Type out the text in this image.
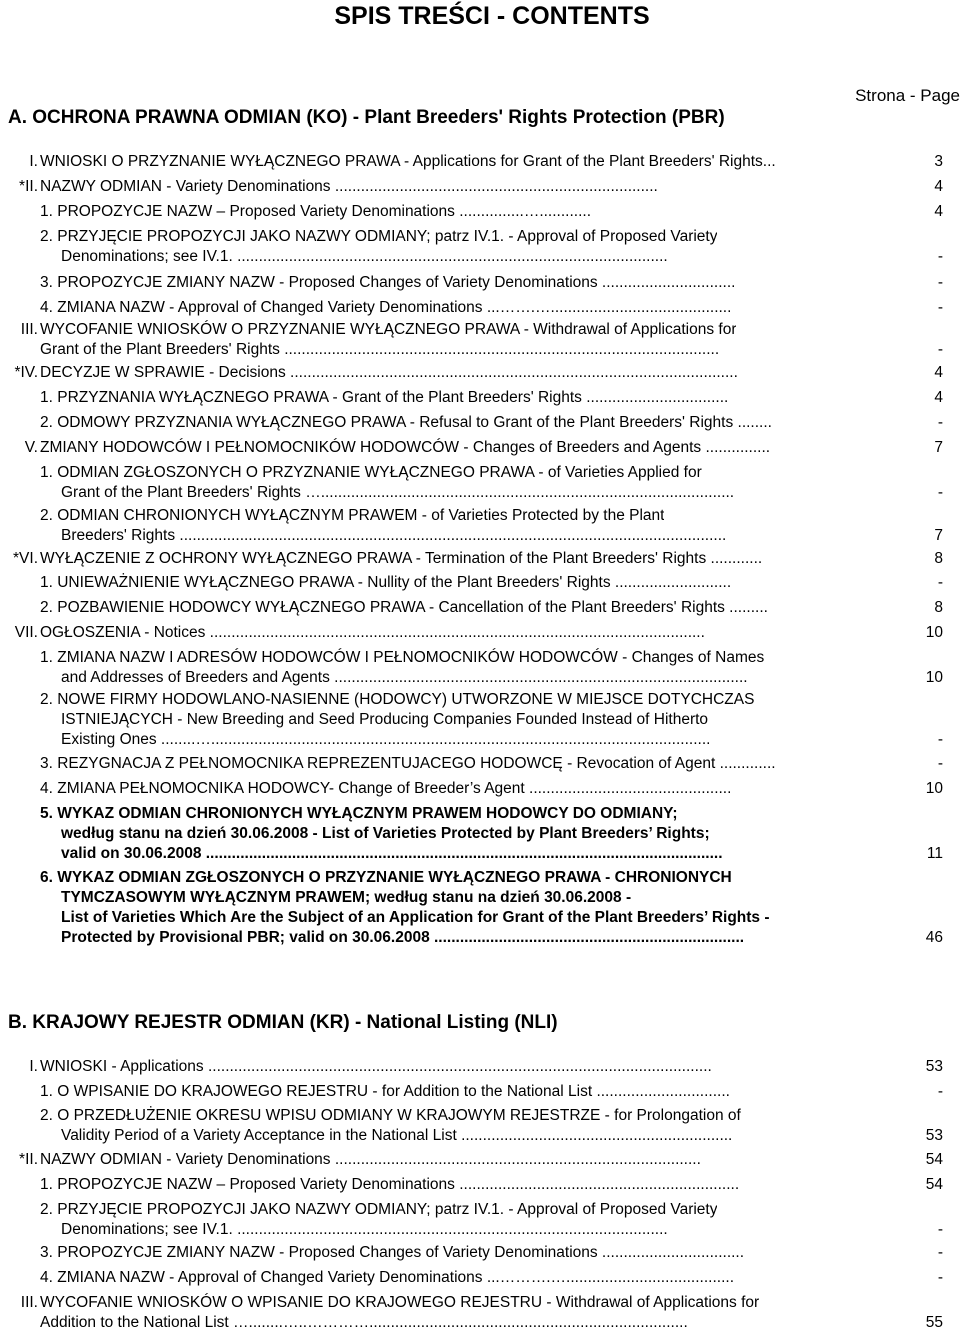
SPIS TREŚCI - CONTENTS
Strona - Page
A. OCHRONA PRAWNA ODMIAN (KO) - Plant Breeders' Rights Protection (PBR)
I. WNIOSKI O PRZYZNANIE WYŁĄCZNEGO PRAWA - Applications for Grant of the Plant Breeders' Rights...	3
*II. NAZWY ODMIAN - Variety Denominations ...........................................................................	4
1. PROPOZYCJE NAZW – Proposed Variety Denominations ...............…............	4
2. PRZYJĘCIE PROPOZYCJI JAKO NAZWY ODMIANY; patrz IV.1. - Approval of Proposed Variety
Denominations; see IV.1. ....................................................................................................	-
3. PROPOZYCJE ZMIANY NAZW - Proposed Changes of Variety Denominations ...............................	-
4. ZMIANA NAZW - Approval of Changed Variety Denominations ...…….…..........................................	-
III. WYCOFANIE WNIOSKÓW O PRZYZNANIE WYŁĄCZNEGO PRAWA - Withdrawal of Applications for
Grant of the Plant Breeders' Rights .....................................................................................................	-
*IV. DECYZJE W SPRAWIE - Decisions ........................................................................................................	4
1. PRZYZNANIA WYŁĄCZNEGO PRAWA - Grant of the Plant Breeders' Rights .................................	4
2. ODMOWY PRZYZNANIA WYŁĄCZNEGO PRAWA - Refusal to Grant of the Plant Breeders' Rights ........	-
V. ZMIANY HODOWCÓW I PEŁNOMOCNIKÓW HODOWCÓW - Changes of Breeders and Agents ...............	7
1. ODMIAN ZGŁOSZONYCH O PRZYZNANIE WYŁĄCZNEGO PRAWA - of Varieties Applied for
Grant of the Plant Breeders' Rights …................................................................................................	-
2. ODMIAN CHRONIONYCH WYŁĄCZNYM PRAWEM - of Varieties Protected by the Plant
Breeders' Rights ...............................................................................................................................	7
*VI. WYŁĄCZENIE Z OCHRONY WYŁĄCZNEGO PRAWA - Termination of the Plant Breeders' Rights ............	8
1. UNIEWAŻNIENIE WYŁĄCZNEGO PRAWA - Nullity of the Plant Breeders' Rights ...........................	-
2. POZBAWIENIE HODOWCY WYŁĄCZNEGO PRAWA - Cancellation of the Plant Breeders' Rights .........	8
VII. OGŁOSZENIA - Notices ...................................................................................................................	10
1. ZMIANA NAZW I ADRESÓW HODOWCÓW I PEŁNOMOCNIKÓW HODOWCÓW - Changes of Names
and Addresses of Breeders and Agents ................................................................................................	10
2. NOWE FIRMY HODOWLANO-NASIENNE (HODOWCY) UTWORZONE W MIEJSCE DOTYCHCZAS
ISTNIEJĄCYCH - New Breeding and Seed Producing Companies Founded Instead of Hitherto
Existing Ones ........…....................................................................................................................	-
3. REZYGNACJA Z PEŁNOMOCNIKA REPREZENTUJACEGO HODOWCĘ - Revocation of Agent .............	-
4. ZMIANA PEŁNOMOCNIKA HODOWCY- Change of Breeder’s Agent ...............................................	10
5. WYKAZ ODMIAN CHRONIONYCH WYŁĄCZNYM PRAWEM HODOWCY DO ODMIANY;
według stanu na dzień 30.06.2008 - List of Varieties Protected by Plant Breeders’ Rights;
valid on 30.06.2008 ........................................................................................................................	11
6. WYKAZ ODMIAN ZGŁOSZONYCH O PRZYZNANIE WYŁĄCZNEGO PRAWA - CHRONIONYCH
TYMCZASOWYM WYŁĄCZNYM PRAWEM; według stanu na dzień 30.06.2008 -
List of Varieties Which Are the Subject of an Application for Grant of the Plant Breeders’ Rights -
Protected by Provisional PBR; valid on 30.06.2008 ........................................................................	46
B. KRAJOWY REJESTR ODMIAN (KR) - National Listing (NLI)
I. WNIOSKI - Applications .....................................................................................................................	53
1. O WPISANIE DO KRAJOWEGO REJESTRU - for Addition to the National List ...............................	-
2. O PRZEDŁUŻENIE OKRESU WPISU ODMIANY W KRAJOWYM REJESTRZE - for Prolongation of
Validity Period of a Variety Acceptance in the National List ...............................................................	53
*II. NAZWY ODMIAN - Variety Denominations .....................................................................................	54
1. PROPOZYCJE NAZW – Proposed Variety Denominations .................................................................	54
2. PRZYJĘCIE PROPOZYCJI JAKO NAZWY ODMIANY; patrz IV.1. - Approval of Proposed Variety
Denominations; see IV.1. ....................................................................................................	-
3. PROPOZYCJE ZMIANY NAZW - Proposed Changes of Variety Denominations .................................	-
4. ZMIANA NAZW - Approval of Changed Variety Denominations ...……….….......................................	-
III. WYCOFANIE WNIOSKÓW O WPISANIE DO KRAJOWEGO REJESTRU - Withdrawal of Applications for
Addition to the National List …........…..…………..........................................................................	55
